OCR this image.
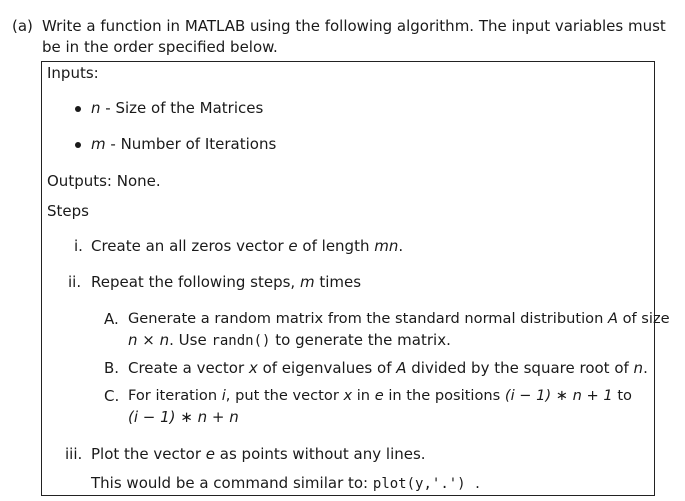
(a) Write a function in MATLAB using the following algorithm. The input variables must
be in the order specified below.
Inputs:
n - Size of the Matrices
m - Number of Iterations
Outputs: None.
Steps
i. Create an all zeros vector e of length mn.
ii. Repeat the following steps, m times
A. Generate a random matrix from the standard normal distribution A of size
n × n. Use randn() to generate the matrix.
B. Create a vector x of eigenvalues of A divided by the square root of n.
C. For iteration i, put the vector x in e in the positions (i − 1) ∗ n + 1 to
(i − 1) ∗ n + n
iii. Plot the vector e as points without any lines.
This would be a command similar to: plot(y,'.')  .
